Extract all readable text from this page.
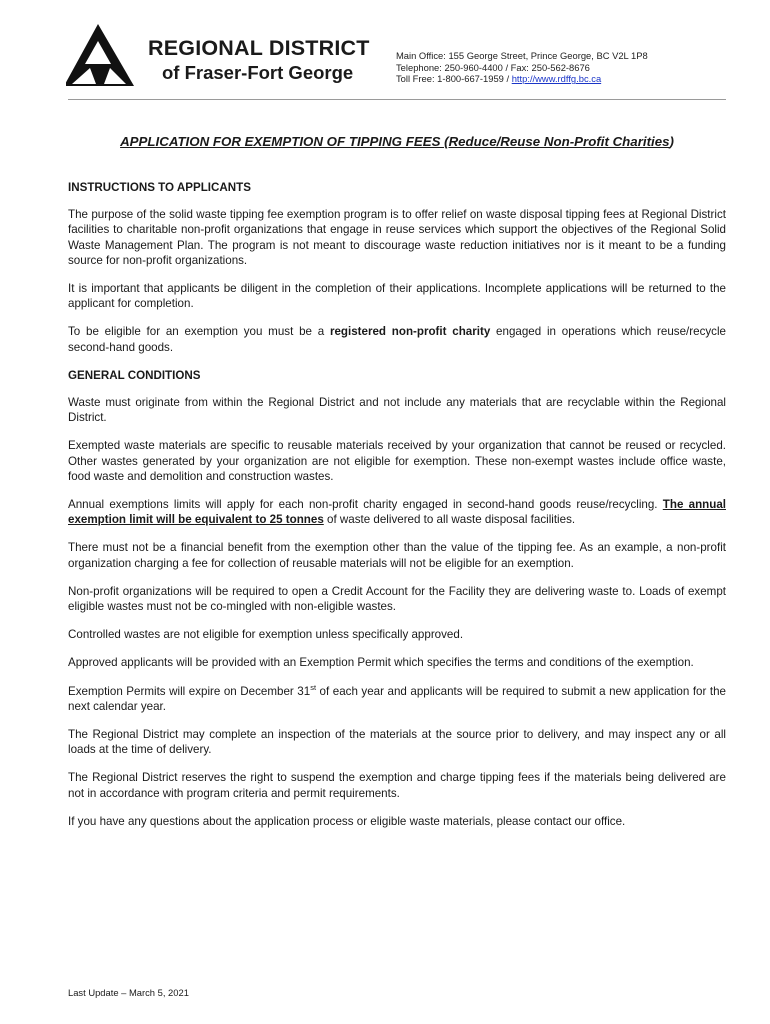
REGIONAL DISTRICT
of Fraser-Fort George
Main Office: 155 George Street, Prince George, BC V2L 1P8
Telephone: 250-960-4400 / Fax: 250-562-8676
Toll Free: 1-800-667-1959 / http://www.rdffg.bc.ca
APPLICATION FOR EXEMPTION OF TIPPING FEES (Reduce/Reuse Non-Profit Charities)
INSTRUCTIONS TO APPLICANTS
The purpose of the solid waste tipping fee exemption program is to offer relief on waste disposal tipping fees at Regional District facilities to charitable non-profit organizations that engage in reuse services which support the objectives of the Regional Solid Waste Management Plan. The program is not meant to discourage waste reduction initiatives nor is it meant to be a funding source for non-profit organizations.
It is important that applicants be diligent in the completion of their applications. Incomplete applications will be returned to the applicant for completion.
To be eligible for an exemption you must be a registered non-profit charity engaged in operations which reuse/recycle second-hand goods.
GENERAL CONDITIONS
Waste must originate from within the Regional District and not include any materials that are recyclable within the Regional District.
Exempted waste materials are specific to reusable materials received by your organization that cannot be reused or recycled. Other wastes generated by your organization are not eligible for exemption. These non-exempt wastes include office waste, food waste and demolition and construction wastes.
Annual exemptions limits will apply for each non-profit charity engaged in second-hand goods reuse/recycling. The annual exemption limit will be equivalent to 25 tonnes of waste delivered to all waste disposal facilities.
There must not be a financial benefit from the exemption other than the value of the tipping fee. As an example, a non-profit organization charging a fee for collection of reusable materials will not be eligible for an exemption.
Non-profit organizations will be required to open a Credit Account for the Facility they are delivering waste to. Loads of exempt eligible wastes must not be co-mingled with non-eligible wastes.
Controlled wastes are not eligible for exemption unless specifically approved.
Approved applicants will be provided with an Exemption Permit which specifies the terms and conditions of the exemption.
Exemption Permits will expire on December 31st of each year and applicants will be required to submit a new application for the next calendar year.
The Regional District may complete an inspection of the materials at the source prior to delivery, and may inspect any or all loads at the time of delivery.
The Regional District reserves the right to suspend the exemption and charge tipping fees if the materials being delivered are not in accordance with program criteria and permit requirements.
If you have any questions about the application process or eligible waste materials, please contact our office.
Last Update – March 5, 2021
